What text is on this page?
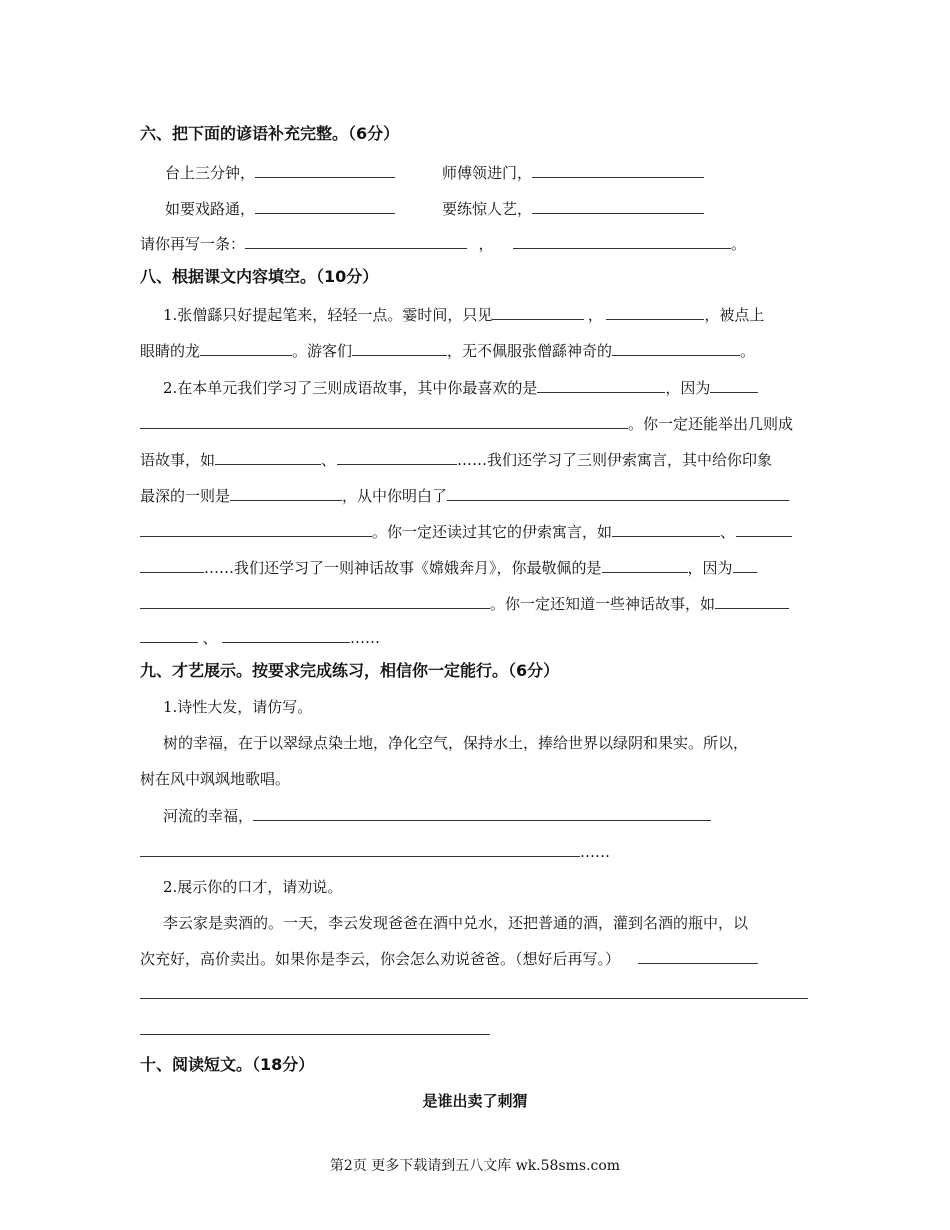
六、把下面的谚语补充完整。（6分）
台上三分钟，	师傅领进门，
如要戏路通，	要练惊人艺，
请你再写一条：	，	。
八、根据课文内容填空。（10分）
1.张僧繇只好提起笔来，轻轻一点。霎时间，只见	，	，被点上
眼睛的龙	。游客们	，无不佩服张僧繇神奇的	。
2.在本单元我们学习了三则成语故事，其中你最喜欢的是	，因为
。你一定还能举出几则成
语故事，如	、	……我们还学习了三则伊索寓言，其中给你印象
最深的一则是	，从中你明白了
。你一定还读过其它的伊索寓言，如	、
……我们还学习了一则神话故事《嫦娥奔月》，你最敬佩的是	，因为
。你一定还知道一些神话故事，如
、	……
九、才艺展示。按要求完成练习，相信你一定能行。（6分）
1.诗性大发，请仿写。
树的幸福，在于以翠绿点染土地，净化空气，保持水土，捧给世界以绿阴和果实。所以，
树在风中飒飒地歌唱。
河流的幸福，
……
2.展示你的口才，请劝说。
李云家是卖酒的。一天，李云发现爸爸在酒中兑水，还把普通的酒，灌到名酒的瓶中，以
次充好，高价卖出。如果你是李云，你会怎么劝说爸爸。（想好后再写。）
十、阅读短文。（18分）
是谁出卖了刺猬
第2页 更多下载请到五八文库 wk.58sms.com
